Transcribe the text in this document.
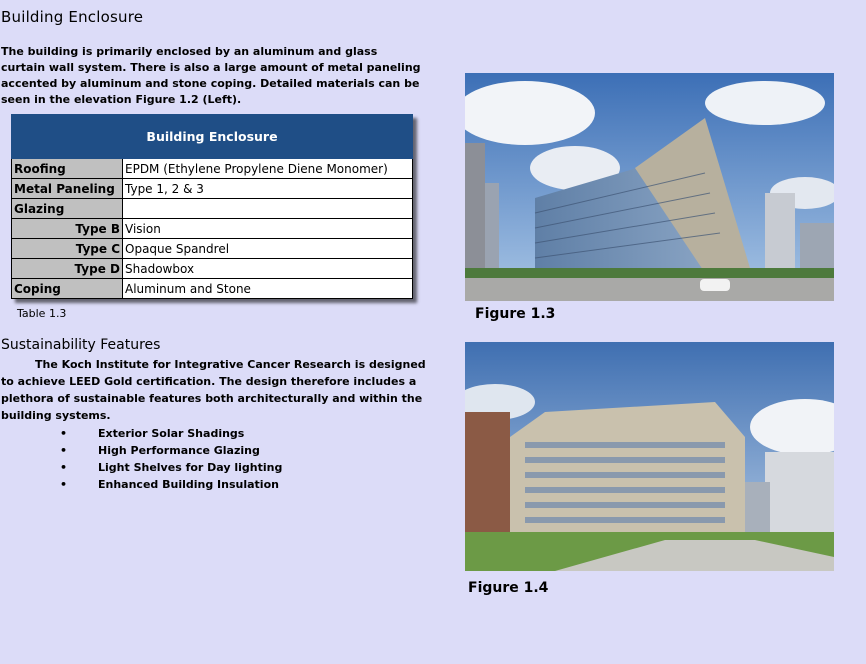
Building Enclosure
The building is primarily enclosed by an aluminum and glass curtain wall system. There is also a large amount of metal paneling accented by aluminum and stone coping. Detailed materials can be seen in the elevation Figure 1.2 (Left).
Building Enclosure	
Roofing	EPDM (Ethylene Propylene Diene Monomer)
Metal Paneling	Type 1, 2 & 3
Glazing	
Type B	Vision
Type C	Opaque Spandrel
Type D	Shadowbox
Coping	Aluminum and Stone
Table 1.3
Sustainability Features
The Koch Institute for Integrative Cancer Research is designed to achieve LEED Gold certification. The design therefore includes a plethora of sustainable features both architecturally and within the building systems.
•	Exterior Solar Shadings
•	High Performance Glazing
•	Light Shelves for Day lighting
•	Enhanced Building Insulation
Figure 1.3
Figure 1.4
